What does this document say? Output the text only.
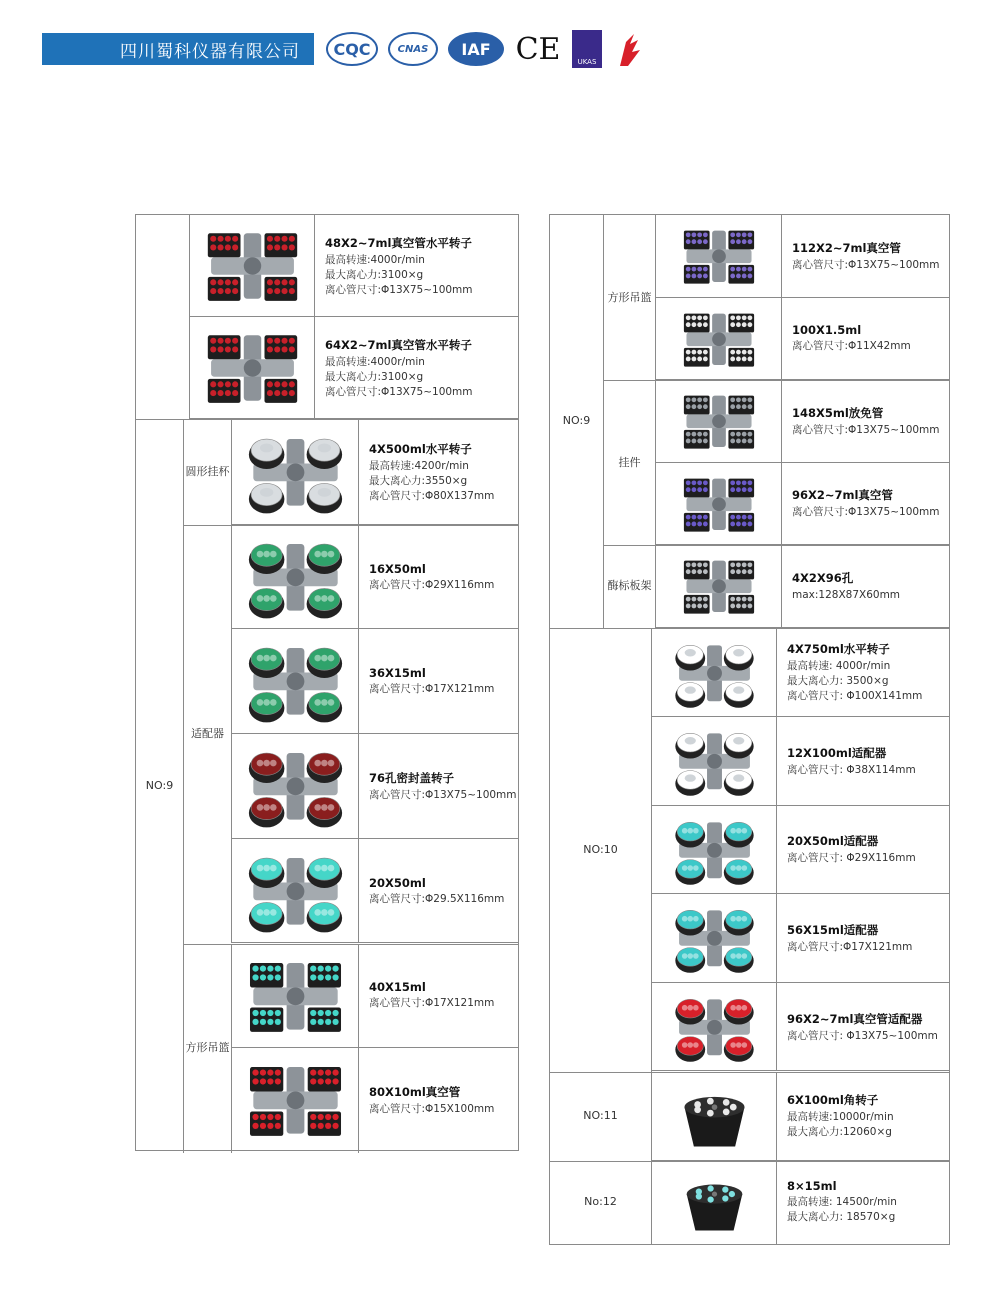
四川蜀科仪器有限公司 CQC	CNAS IAF CE UKAS
48X2~7ml真空管水平转子
最高转速:4000r/min
最大离心力:3100×g
离心管尺寸:Φ13X75~100mm
64X2~7ml真空管水平转子
最高转速:4000r/min
最大离心力:3100×g
离心管尺寸:Φ13X75~100mm
NO:9
圆形挂杯
4X500ml水平转子
最高转速:4200r/min
最大离心力:3550×g
离心管尺寸:Φ80X137mm
适配器
16X50ml
离心管尺寸:Φ29X116mm
36X15ml
离心管尺寸:Φ17X121mm
76孔密封盖转子
离心管尺寸:Φ13X75~100mm
20X50ml
离心管尺寸:Φ29.5X116mm
方形吊篮
40X15ml
离心管尺寸:Φ17X121mm
80X10ml真空管
离心管尺寸:Φ15X100mm
NO:9
方形吊篮
112X2~7ml真空管
离心管尺寸:Φ13X75~100mm
100X1.5ml
离心管尺寸:Φ11X42mm
挂件
148X5ml放免管
离心管尺寸:Φ13X75~100mm
96X2~7ml真空管
离心管尺寸:Φ13X75~100mm
酶标板架
4X2X96孔
max:128X87X60mm
NO:10
4X750ml水平转子
最高转速: 4000r/min
最大离心力: 3500×g
离心管尺寸: Φ100X141mm
12X100ml适配器
离心管尺寸: Φ38X114mm
20X50ml适配器
离心管尺寸: Φ29X116mm
56X15ml适配器
离心管尺寸:Φ17X121mm
96X2~7ml真空管适配器
离心管尺寸: Φ13X75~100mm
NO:11
6X100ml角转子
最高转速:10000r/min
最大离心力:12060×g
No:12
8×15ml
最高转速: 14500r/min
最大离心力: 18570×g
